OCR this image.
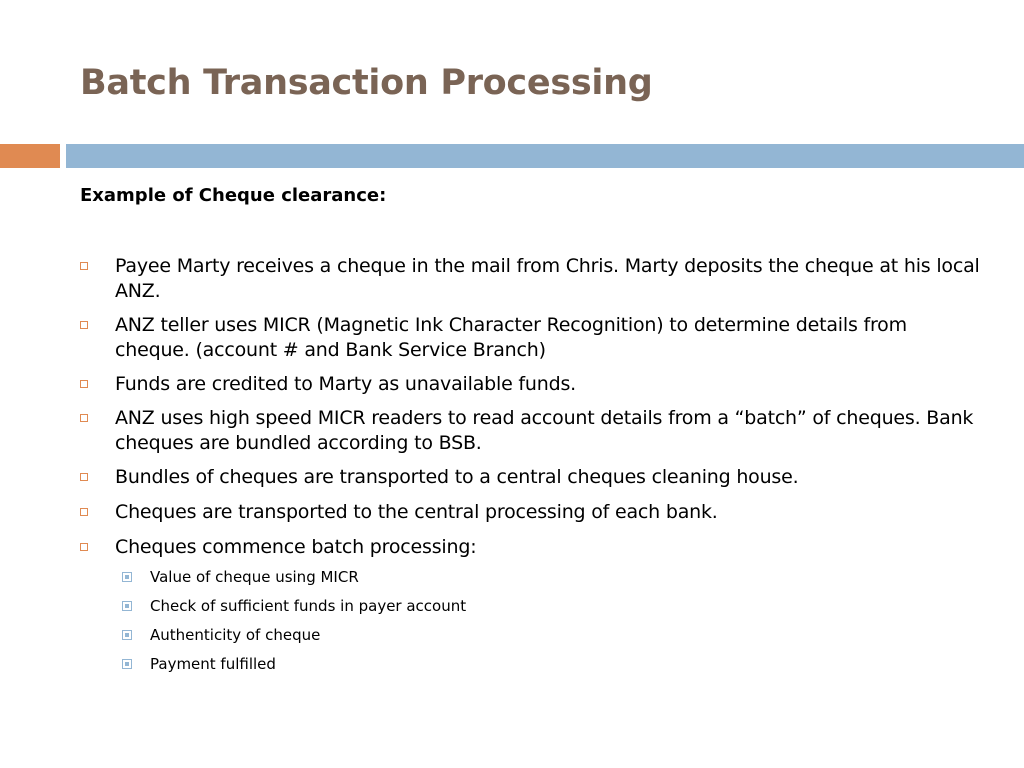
Batch Transaction Processing

Example of Cheque clearance:

Payee Marty receives a cheque in the mail from Chris. Marty deposits the cheque at his local ANZ.
ANZ teller uses MICR (Magnetic Ink Character Recognition) to determine details from cheque. (account # and Bank Service Branch)
Funds are credited to Marty as unavailable funds.
ANZ uses high speed MICR readers to read account details from a “batch” of cheques. Bank cheques are bundled according to BSB.
Bundles of cheques are transported to a central cheques cleaning house.
Cheques are transported to the central processing of each bank.
Cheques commence batch processing:
Value of cheque using MICR
Check of sufficient funds in payer account
Authenticity of cheque
Payment fulfilled
